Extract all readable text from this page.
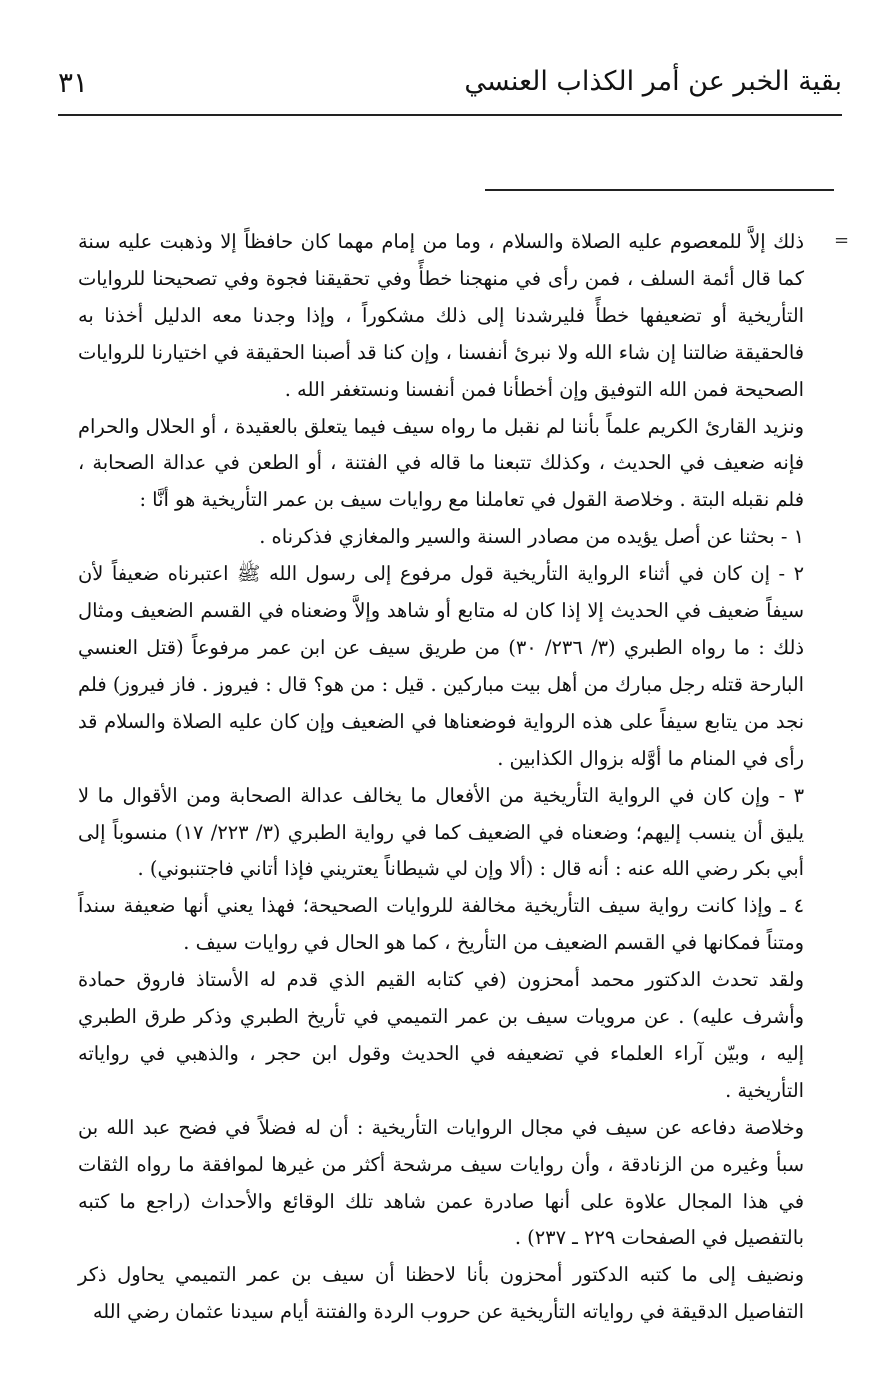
بقية الخبر عن أمر الكذاب العنسي
٣١
=

ذلك إلاَّ للمعصوم عليه الصلاة والسلام ، وما من إمام مهما كان حافظاً إلا وذهبت عليه سنة كما قال أئمة السلف ، فمن رأى في منهجنا خطأً وفي تحقيقنا فجوة وفي تصحيحنا للروايات التأريخية أو تضعيفها خطأً فليرشدنا إلى ذلك مشكوراً ، وإذا وجدنا معه الدليل أخذنا به فالحقيقة ضالتنا إن شاء الله ولا نبرئ أنفسنا ، وإن كنا قد أصبنا الحقيقة في اختيارنا للروايات الصحيحة فمن الله التوفيق وإن أخطأنا فمن أنفسنا ونستغفر الله .

ونزيد القارئ الكريم علماً بأننا لم نقبل ما رواه سيف فيما يتعلق بالعقيدة ، أو الحلال والحرام فإنه ضعيف في الحديث ، وكذلك تتبعنا ما قاله في الفتنة ، أو الطعن في عدالة الصحابة ، فلم نقبله البتة . وخلاصة القول في تعاملنا مع روايات سيف بن عمر التأريخية هو أنَّا :

١ - بحثنا عن أصل يؤيده من مصادر السنة والسير والمغازي فذكرناه .

٢ - إن كان في أثناء الرواية التأريخية قول مرفوع إلى رسول الله ﷺ اعتبرناه ضعيفاً لأن سيفاً ضعيف في الحديث إلا إذا كان له متابع أو شاهد وإلاَّ وضعناه في القسم الضعيف ومثال ذلك : ما رواه الطبري (٣/ ٢٣٦/ ٣٠) من طريق سيف عن ابن عمر مرفوعاً (قتل العنسي البارحة قتله رجل مبارك من أهل بيت مباركين . قيل : من هو؟ قال : فيروز . فاز فيروز) فلم نجد من يتابع سيفاً على هذه الرواية فوضعناها في الضعيف وإن كان عليه الصلاة والسلام قد رأى في المنام ما أوَّله بزوال الكذابين .

٣ - وإن كان في الرواية التأريخية من الأفعال ما يخالف عدالة الصحابة ومن الأقوال ما لا يليق أن ينسب إليهم؛ وضعناه في الضعيف كما في رواية الطبري (٣/ ٢٢٣/ ١٧) منسوباً إلى أبي بكر رضي الله عنه : أنه قال : (ألا وإن لي شيطاناً يعتريني فإذا أتاني فاجتنبوني) .

٤ ـ وإذا كانت رواية سيف التأريخية مخالفة للروايات الصحيحة؛ فهذا يعني أنها ضعيفة سنداً ومتناً فمكانها في القسم الضعيف من التأريخ ، كما هو الحال في روايات سيف .

ولقد تحدث الدكتور محمد أمحزون (في كتابه القيم الذي قدم له الأستاذ فاروق حمادة وأشرف عليه) . عن مرويات سيف بن عمر التميمي في تأريخ الطبري وذكر طرق الطبري إليه ، وبيّن آراء العلماء في تضعيفه في الحديث وقول ابن حجر ، والذهبي في رواياته التأريخية .

وخلاصة دفاعه عن سيف في مجال الروايات التأريخية : أن له فضلاً في فضح عبد الله بن سبأ وغيره من الزنادقة ، وأن روايات سيف مرشحة أكثر من غيرها لموافقة ما رواه الثقات في هذا المجال علاوة على أنها صادرة عمن شاهد تلك الوقائع والأحداث (راجع ما كتبه بالتفصيل في الصفحات ٢٢٩ ـ ٢٣٧) .

ونضيف إلى ما كتبه الدكتور أمحزون بأنا لاحظنا أن سيف بن عمر التميمي يحاول ذكر التفاصيل الدقيقة في رواياته التأريخية عن حروب الردة والفتنة أيام سيدنا عثمان رضي الله
